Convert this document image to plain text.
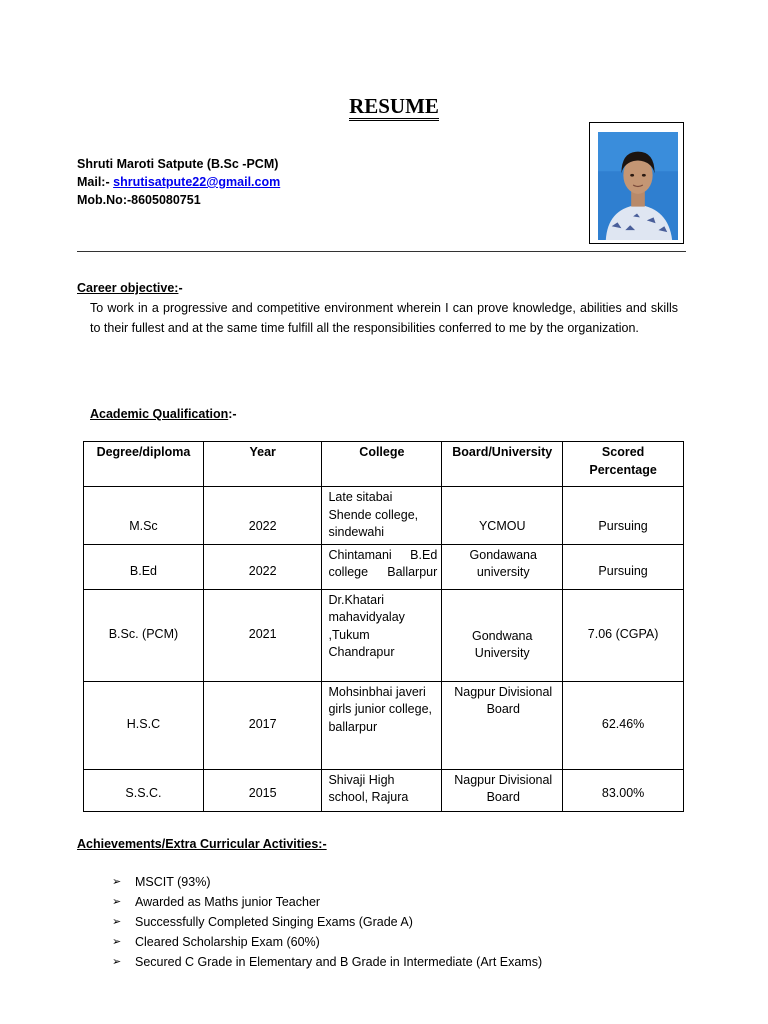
RESUME
Shruti Maroti Satpute (B.Sc -PCM)
Mail:- shrutisatpute22@gmail.com
Mob.No:-8605080751
Career objective:-
To work in a progressive and competitive environment wherein I can prove knowledge, abilities and skills to their fullest and at the same time fulfill all the responsibilities conferred to me by the organization.
Academic Qualification:-
Degree/diploma	Year	College	Board/University	Scored Percentage
M.Sc	2022	Late sitabai Shende college, sindewahi	YCMOU	Pursuing
B.Ed	2022	Chintamani B.Ed college Ballarpur	Gondawana university	Pursuing
B.Sc. (PCM)	2021	Dr.Khatari mahavidyalay ,Tukum Chandrapur	Gondwana University	7.06 (CGPA)
H.S.C	2017	Mohsinbhai javeri girls junior college, ballarpur	Nagpur Divisional Board	62.46%
S.S.C.	2015	Shivaji High school, Rajura	Nagpur Divisional Board	83.00%
Achievements/Extra Curricular Activities:-
➢ MSCIT (93%)
➢ Awarded as Maths junior Teacher
➢ Successfully Completed Singing Exams (Grade A)
➢ Cleared Scholarship Exam (60%)
➢ Secured C Grade in Elementary and B Grade in Intermediate (Art Exams)
